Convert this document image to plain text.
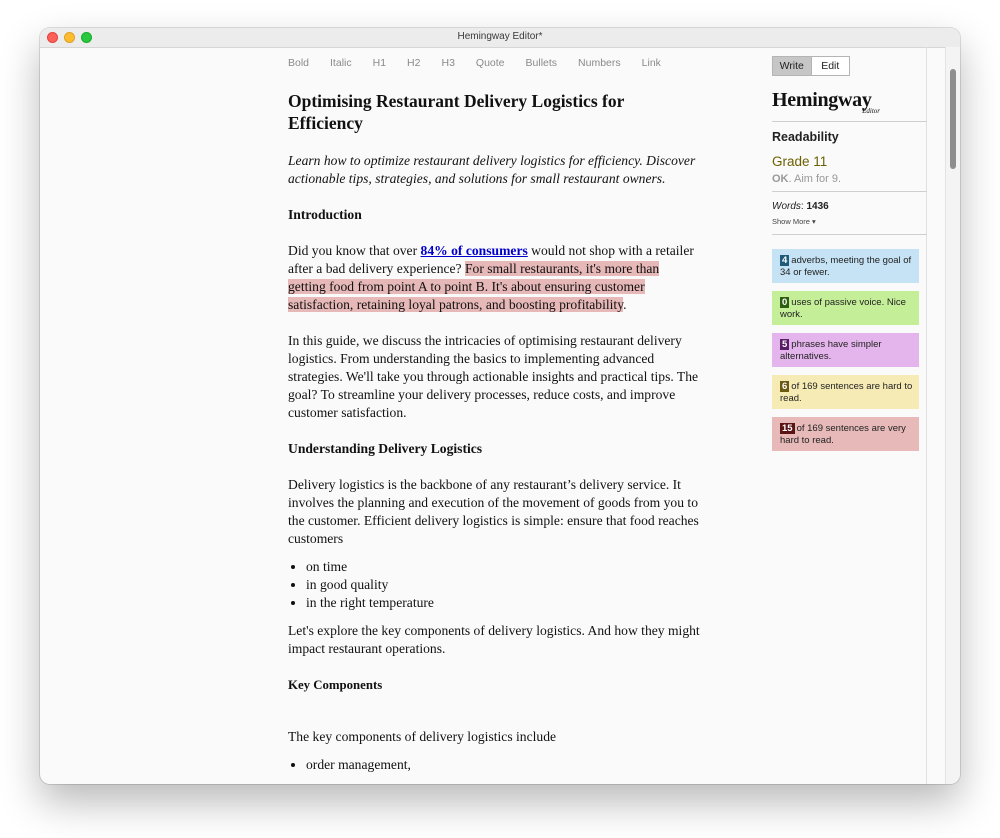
Hemingway Editor*
Bold Italic H1 H2 H3 Quote Bullets Numbers Link
Optimising Restaurant Delivery Logistics for Efficiency

Learn how to optimize restaurant delivery logistics for efficiency. Discover actionable tips, strategies, and solutions for small restaurant owners.

Introduction

Did you know that over 84% of consumers would not shop with a retailer after a bad delivery experience? For small restaurants, it's more than getting food from point A to point B. It's about ensuring customer satisfaction, retaining loyal patrons, and boosting profitability.

In this guide, we discuss the intricacies of optimising restaurant delivery logistics. From understanding the basics to implementing advanced strategies. We'll take you through actionable insights and practical tips. The goal? To streamline your delivery processes, reduce costs, and improve customer satisfaction.

Understanding Delivery Logistics

Delivery logistics is the backbone of any restaurant’s delivery service. It involves the planning and execution of the movement of goods from you to the customer. Efficient delivery logistics is simple: ensure that food reaches customers

• on time
• in good quality
• in the right temperature

Let's explore the key components of delivery logistics. And how they might impact restaurant operations.

Key Components

The key components of delivery logistics include

• order management,
Write	Edit
Hemingway
Editor
Readability
Grade 11
OK. Aim for 9.
Words: 1436
Show More ▾
4 adverbs, meeting the goal of 34 or fewer.
0 uses of passive voice. Nice work.
5 phrases have simpler alternatives.
6 of 169 sentences are hard to read.
15 of 169 sentences are very hard to read.
